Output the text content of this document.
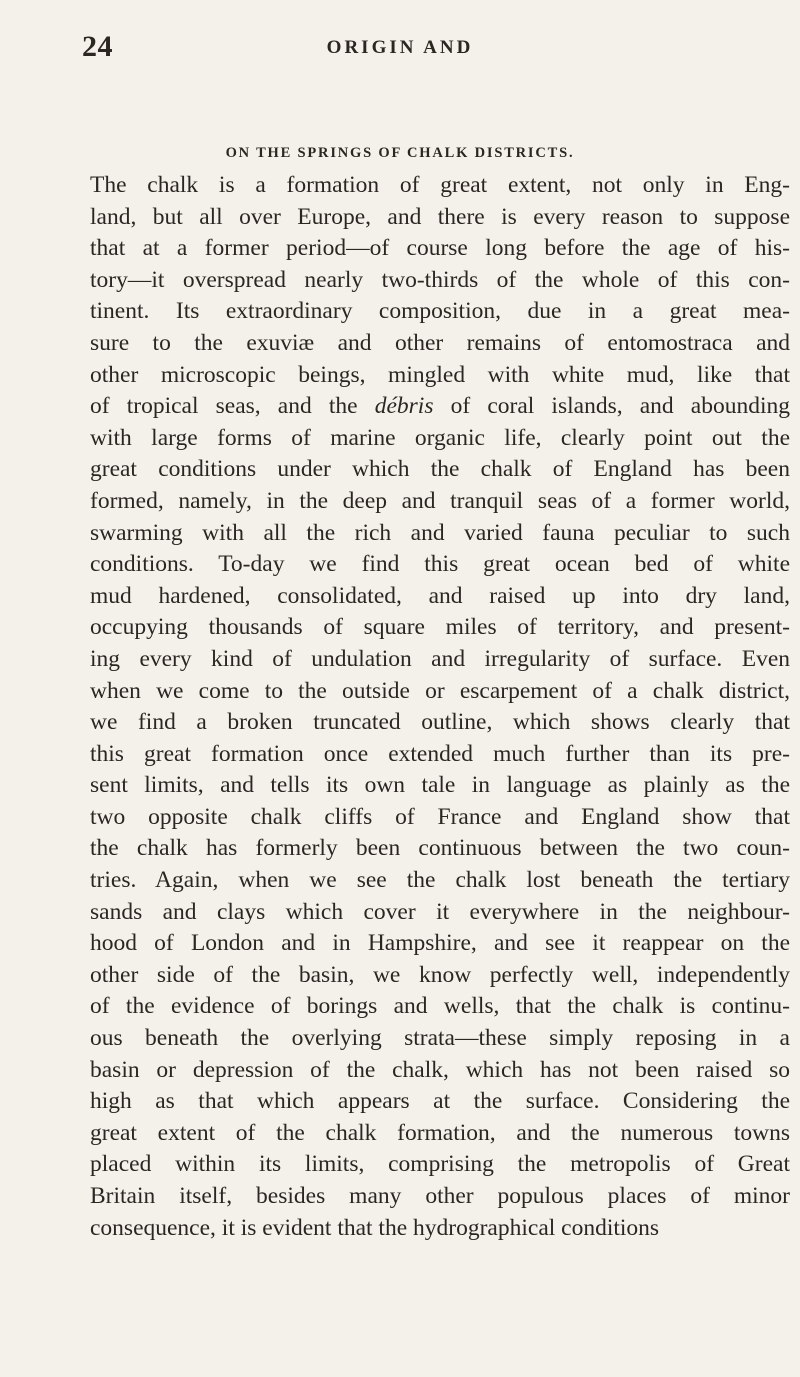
24	ORIGIN AND
ON THE SPRINGS OF CHALK DISTRICTS.
The chalk is a formation of great extent, not only in Eng-
land, but all over Europe, and there is every reason to suppose
that at a former period—of course long before the age of his-
tory—it overspread nearly two-thirds of the whole of this con-
tinent. Its extraordinary composition, due in a great mea-
sure to the exuviæ and other remains of entomostraca and
other microscopic beings, mingled with white mud, like that
of tropical seas, and the débris of coral islands, and abounding
with large forms of marine organic life, clearly point out the
great conditions under which the chalk of England has been
formed, namely, in the deep and tranquil seas of a former world,
swarming with all the rich and varied fauna peculiar to such
conditions. To-day we find this great ocean bed of white
mud hardened, consolidated, and raised up into dry land,
occupying thousands of square miles of territory, and present-
ing every kind of undulation and irregularity of surface. Even
when we come to the outside or escarpement of a chalk district,
we find a broken truncated outline, which shows clearly that
this great formation once extended much further than its pre-
sent limits, and tells its own tale in language as plainly as the
two opposite chalk cliffs of France and England show that
the chalk has formerly been continuous between the two coun-
tries. Again, when we see the chalk lost beneath the tertiary
sands and clays which cover it everywhere in the neighbour-
hood of London and in Hampshire, and see it reappear on the
other side of the basin, we know perfectly well, independently
of the evidence of borings and wells, that the chalk is continu-
ous beneath the overlying strata—these simply reposing in a
basin or depression of the chalk, which has not been raised so
high as that which appears at the surface. Considering the
great extent of the chalk formation, and the numerous towns
placed within its limits, comprising the metropolis of Great
Britain itself, besides many other populous places of minor
consequence, it is evident that the hydrographical conditions
